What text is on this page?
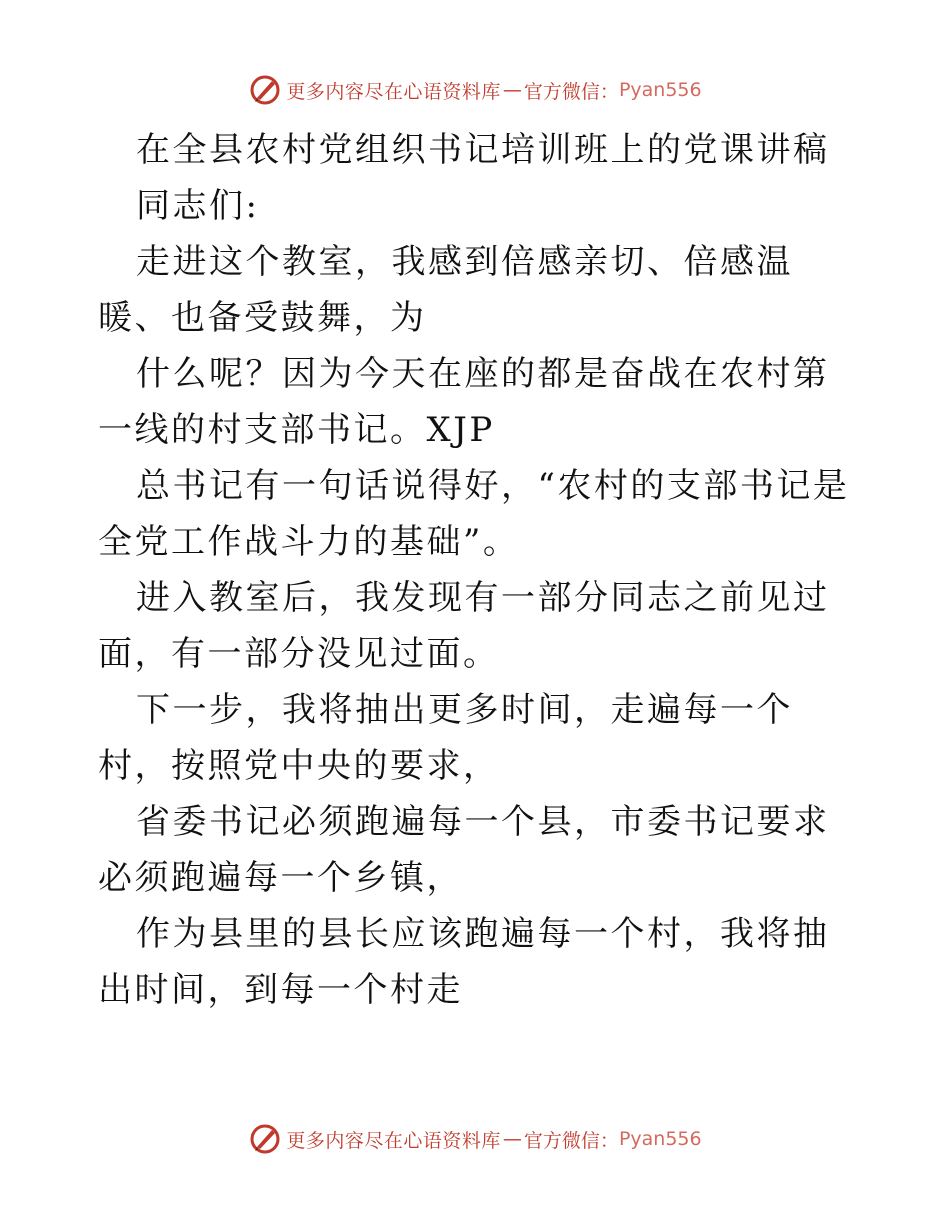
更多内容尽在心语资料库 — 官方微信： Pyan556

在全县农村党组织书记培训班上的党课讲稿

同志们:

走进这个教室，我感到倍感亲切、倍感温暖、也备受鼓舞，为

什么呢？因为今天在座的都是奋战在农村第一线的村支部书记。XJP

总书记有一句话说得好，“农村的支部书记是全党工作战斗力的基础”。

进入教室后，我发现有一部分同志之前见过面，有一部分没见过面。

下一步，我将抽出更多时间，走遍每一个村，按照党中央的要求，

省委书记必须跑遍每一个县，市委书记要求必须跑遍每一个乡镇，

作为县里的县长应该跑遍每一个村，我将抽出时间，到每一个村走

更多内容尽在心语资料库 — 官方微信： Pyan556
